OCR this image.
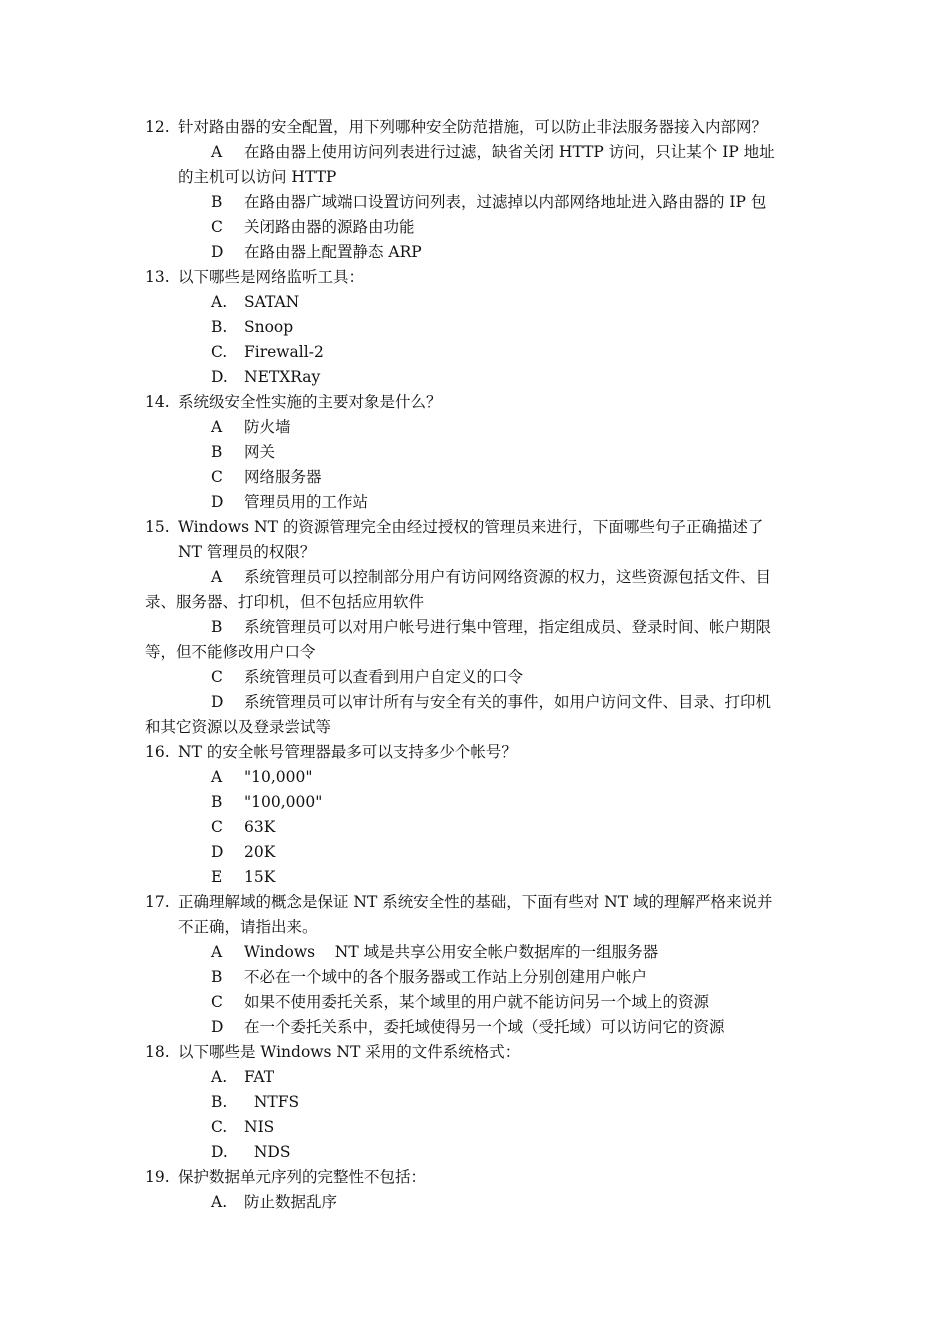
12. 针对路由器的安全配置，用下列哪种安全防范措施，可以防止非法服务器接入内部网？
A 在路由器上使用访问列表进行过滤，缺省关闭 HTTP 访问，只让某个 IP 地址
的主机可以访问 HTTP
B 在路由器广域端口设置访问列表，过滤掉以内部网络地址进入路由器的 IP 包
C 关闭路由器的源路由功能
D 在路由器上配置静态 ARP
13. 以下哪些是网络监听工具：
A. SATAN
B. Snoop
C. Firewall-2
D. NETXRay
14. 系统级安全性实施的主要对象是什么？
A 防火墙
B 网关
C 网络服务器
D 管理员用的工作站
15. Windows NT 的资源管理完全由经过授权的管理员来进行，下面哪些句子正确描述了
NT 管理员的权限？
A 系统管理员可以控制部分用户有访问网络资源的权力，这些资源包括文件、目
录、服务器、打印机，但不包括应用软件
B 系统管理员可以对用户帐号进行集中管理，指定组成员、登录时间、帐户期限
等，但不能修改用户口令
C 系统管理员可以查看到用户自定义的口令
D 系统管理员可以审计所有与安全有关的事件，如用户访问文件、目录、打印机
和其它资源以及登录尝试等
16. NT 的安全帐号管理器最多可以支持多少个帐号？
A "10,000"
B "100,000"
C 63K
D 20K
E 15K
17. 正确理解域的概念是保证 NT 系统安全性的基础，下面有些对 NT 域的理解严格来说并
不正确，请指出来。
A Windows    NT 域是共享公用安全帐户数据库的一组服务器
B 不必在一个域中的各个服务器或工作站上分别创建用户帐户
C 如果不使用委托关系，某个域里的用户就不能访问另一个域上的资源
D 在一个委托关系中，委托域使得另一个域（受托域）可以访问它的资源
18. 以下哪些是 Windows NT 采用的文件系统格式：
A. FAT
B. NTFS
C. NIS
D. NDS
19. 保护数据单元序列的完整性不包括：
A. 防止数据乱序
